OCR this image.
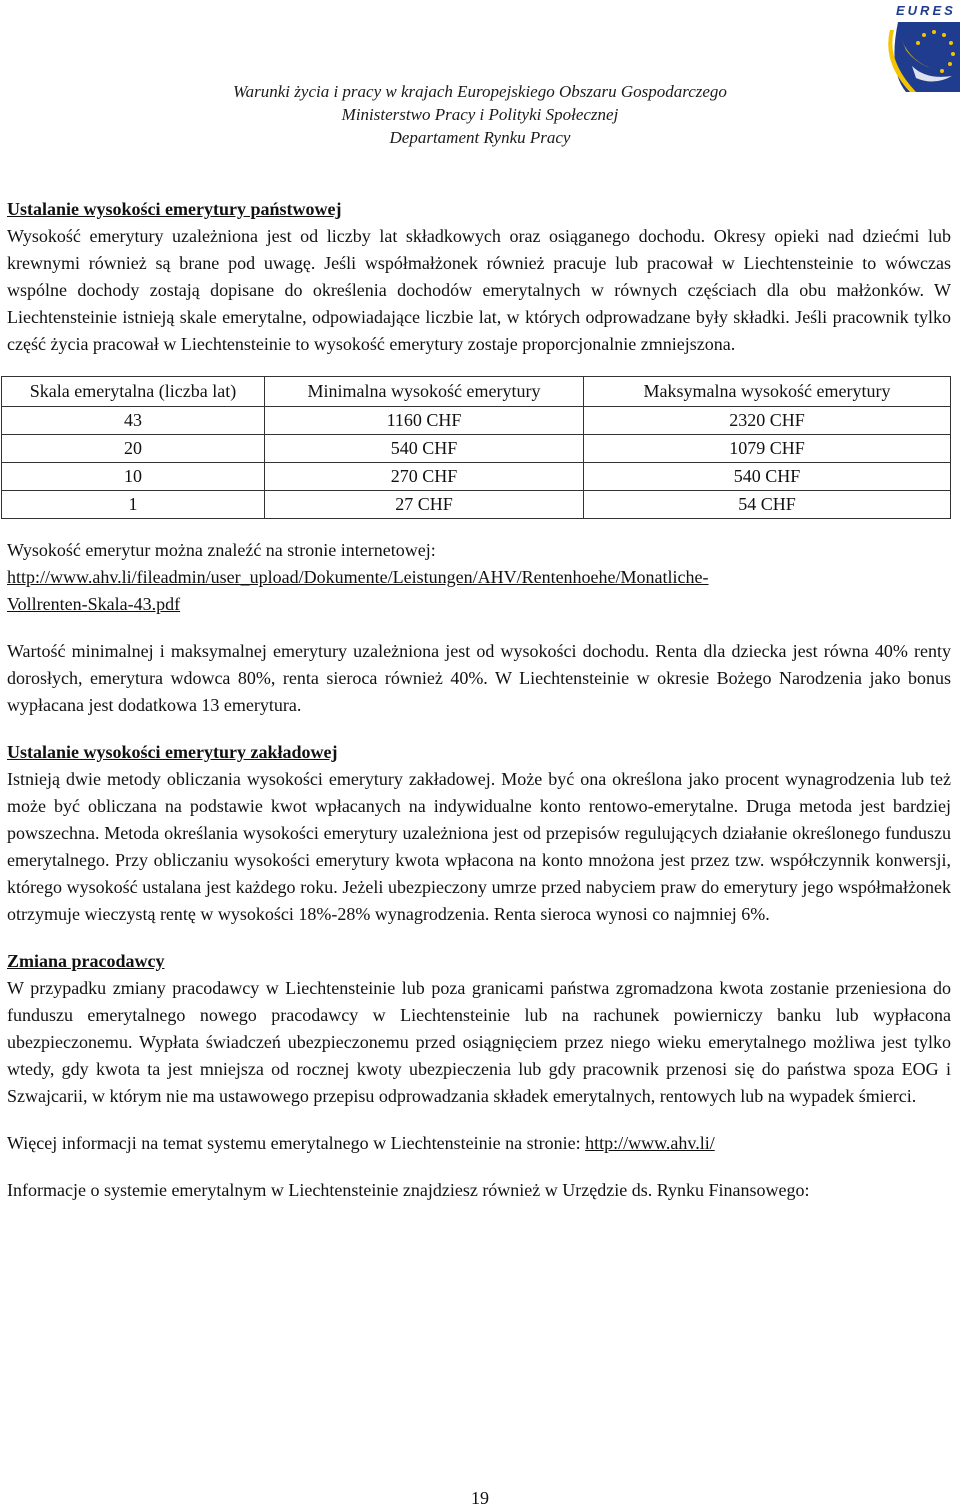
EURES
Warunki życia i pracy w krajach Europejskiego Obszaru Gospodarczego
Ministerstwo Pracy i Polityki Społecznej
Departament Rynku Pracy

Ustalanie wysokości emerytury państwowej
Wysokość emerytury uzależniona jest od liczby lat składkowych oraz osiąganego dochodu. Okresy opieki nad dziećmi lub krewnymi również są brane pod uwagę. Jeśli współmałżonek również pracuje lub pracował w Liechtensteinie to wówczas wspólne dochody zostają dopisane do określenia dochodów emerytalnych w równych częściach dla obu małżonków. W Liechtensteinie istnieją skale emerytalne, odpowiadające liczbie lat, w których odprowadzane były składki. Jeśli pracownik tylko część życia pracował w Liechtensteinie to wysokość emerytury zostaje proporcjonalnie zmniejszona.

Skala emerytalna (liczba lat)	Minimalna wysokość emerytury	Maksymalna wysokość emerytury
43	1160 CHF	2320 CHF
20	540 CHF	1079 CHF
10	270 CHF	540 CHF
1	27 CHF	54 CHF

Wysokość emerytur można znaleźć na stronie internetowej:
http://www.ahv.li/fileadmin/user_upload/Dokumente/Leistungen/AHV/Rentenhoehe/Monatliche-
Vollrenten-Skala-43.pdf

Wartość minimalnej i maksymalnej emerytury uzależniona jest od wysokości dochodu. Renta dla dziecka jest równa 40% renty dorosłych, emerytura wdowca 80%, renta sieroca również 40%. W Liechtensteinie w okresie Bożego Narodzenia jako bonus wypłacana jest dodatkowa 13 emerytura.

Ustalanie wysokości emerytury zakładowej
Istnieją dwie metody obliczania wysokości emerytury zakładowej. Może być ona określona jako procent wynagrodzenia lub też może być obliczana na podstawie kwot wpłacanych na indywidualne konto rentowo-emerytalne. Druga metoda jest bardziej powszechna. Metoda określania wysokości emerytury uzależniona jest od przepisów regulujących działanie określonego funduszu emerytalnego. Przy obliczaniu wysokości emerytury kwota wpłacona na konto mnożona jest przez tzw. współczynnik konwersji, którego wysokość ustalana jest każdego roku. Jeżeli ubezpieczony umrze przed nabyciem praw do emerytury jego współmałżonek otrzymuje wieczystą rentę w wysokości 18%-28% wynagrodzenia. Renta sieroca wynosi co najmniej 6%.

Zmiana pracodawcy
W przypadku zmiany pracodawcy w Liechtensteinie lub poza granicami państwa zgromadzona kwota zostanie przeniesiona do funduszu emerytalnego nowego pracodawcy w Liechtensteinie lub na rachunek powierniczy banku lub wypłacona ubezpieczonemu. Wypłata świadczeń ubezpieczonemu przed osiągnięciem przez niego wieku emerytalnego możliwa jest tylko wtedy, gdy kwota ta jest mniejsza od rocznej kwoty ubezpieczenia lub gdy pracownik przenosi się do państwa spoza EOG i Szwajcarii, w którym nie ma ustawowego przepisu odprowadzania składek emerytalnych, rentowych lub na wypadek śmierci.

Więcej informacji na temat systemu emerytalnego w Liechtensteinie na stronie: http://www.ahv.li/

Informacje o systemie emerytalnym w Liechtensteinie znajdziesz również w Urzędzie ds. Rynku Finansowego:

19
